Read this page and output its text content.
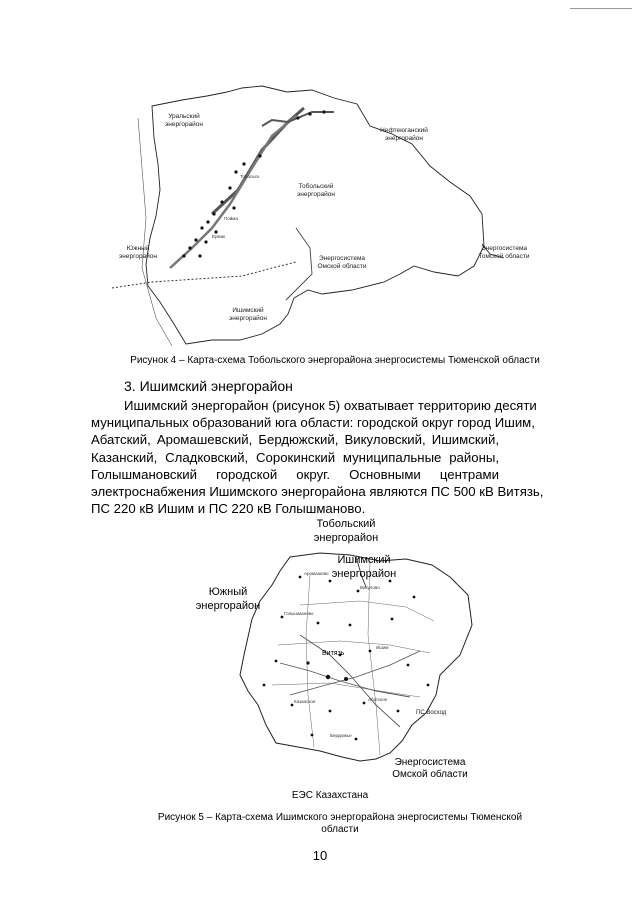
Тобольск
Пойма
Ермак
Уральский
энергорайон
Нефтеюганский
энергорайон
Тобольский
энергорайон
Южный
энергорайон	Энергосистема
Омской области
Энергосистема
Томской области
Ишимский
энергорайон
Рисунок 4 – Карта-схема Тобольского энергорайона энергосистемы Тюменской области
3. Ишимский энергорайон
Ишимский энергорайон (рисунок 5) охватывает территорию десяти
муниципальных образований юга области: городской округ город Ишим,
Абатский, Аромашевский, Бердюжский, Викуловский, Ишимский,
Казанский, Сладковский, Сорокинский муниципальные районы,
Голышмановский городской округ. Основными центрами
электроснабжения Ишимского энергорайона являются ПС 500 кВ Витязь,
ПС 220 кВ Ишим и ПС 220 кВ Голышманово.
Аромашево
Викулово
Голышманово
Ишим
Казанское	Абатское
Бердюжье
Тобольский
энергорайон
Ишимский
энергорайон
Южный
энергорайон
Витязь
ПС Восход
Энергосистема
Омской области
ЕЭС Казахстана
Рисунок 5 – Карта-схема Ишимского энергорайона энергосистемы Тюменской
области
10
